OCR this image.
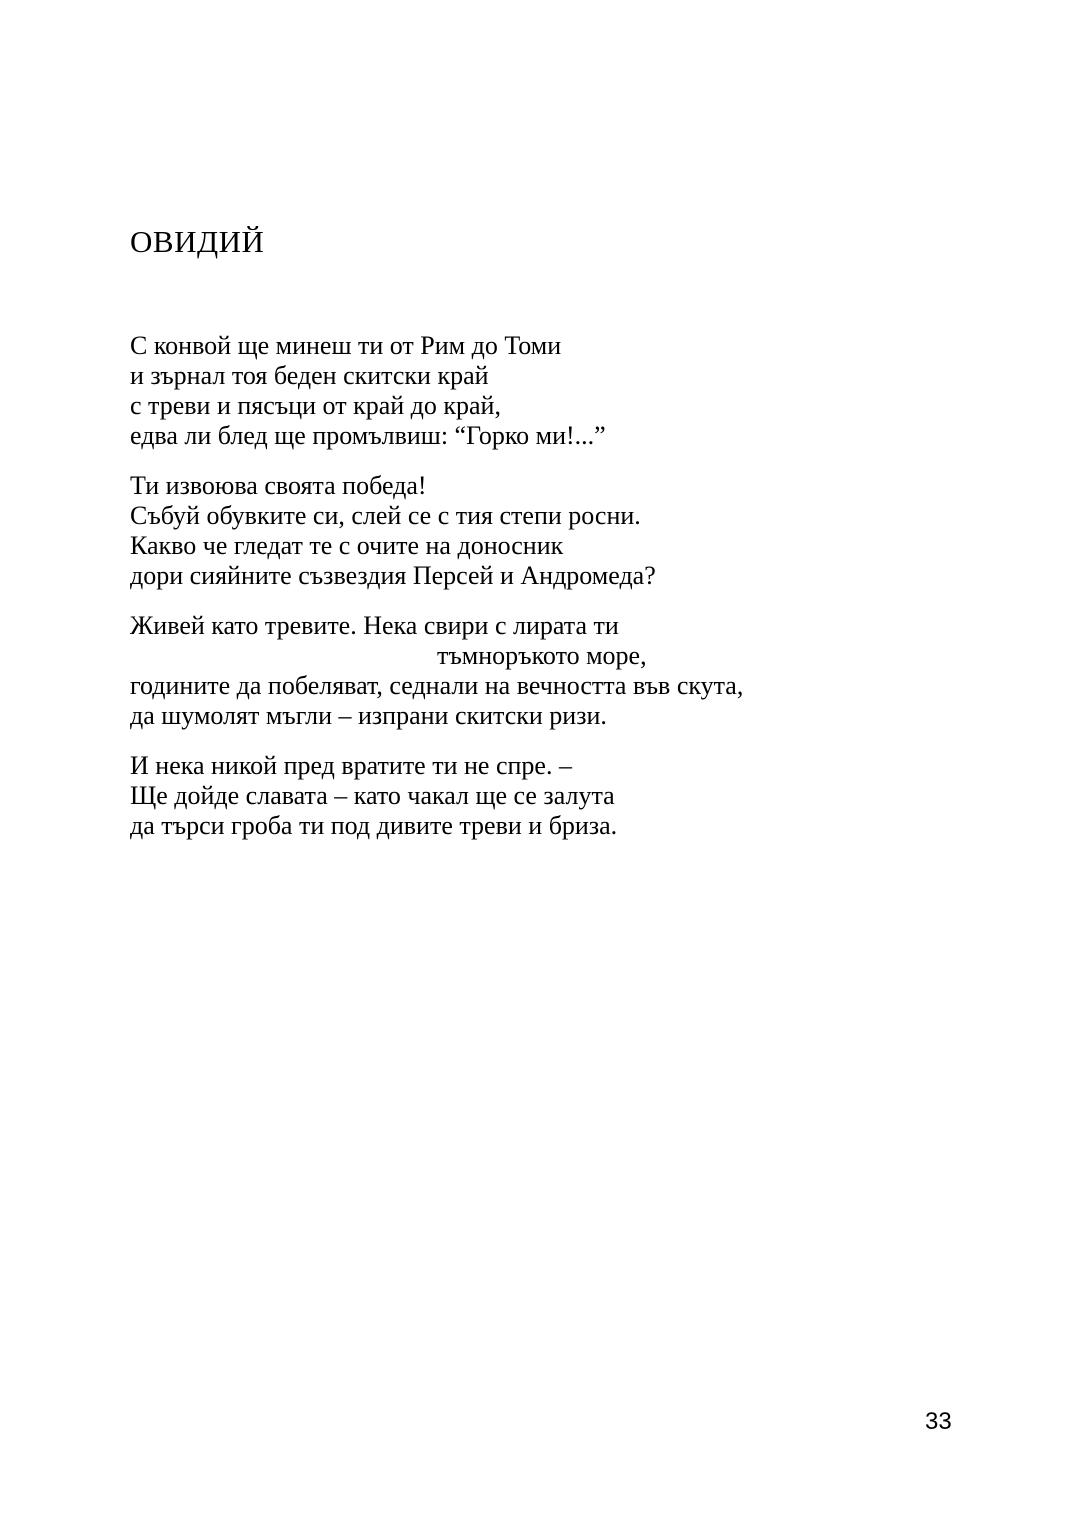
ОВИДИЙ
С конвой ще минеш ти от Рим до Томи
и зърнал тоя беден скитски край
с треви и пясъци от край до край,
едва ли блед ще промълвиш: “Горко ми!...”
Ти извоюва своята победа!
Събуй обувките си, слей се с тия степи росни.
Какво че гледат те с очите на доносник
дори сияйните съзвездия Персей и Андромеда?
Живей като тревите. Нека свири с лирата ти
тъмноръкото море,
годините да побеляват, седнали на вечността във скута,
да шумолят мъгли – изпрани скитски ризи.
И нека никой пред вратите ти не спре. –
Ще дойде славата – като чакал ще се залута
да търси гроба ти под дивите треви и бриза.
33
